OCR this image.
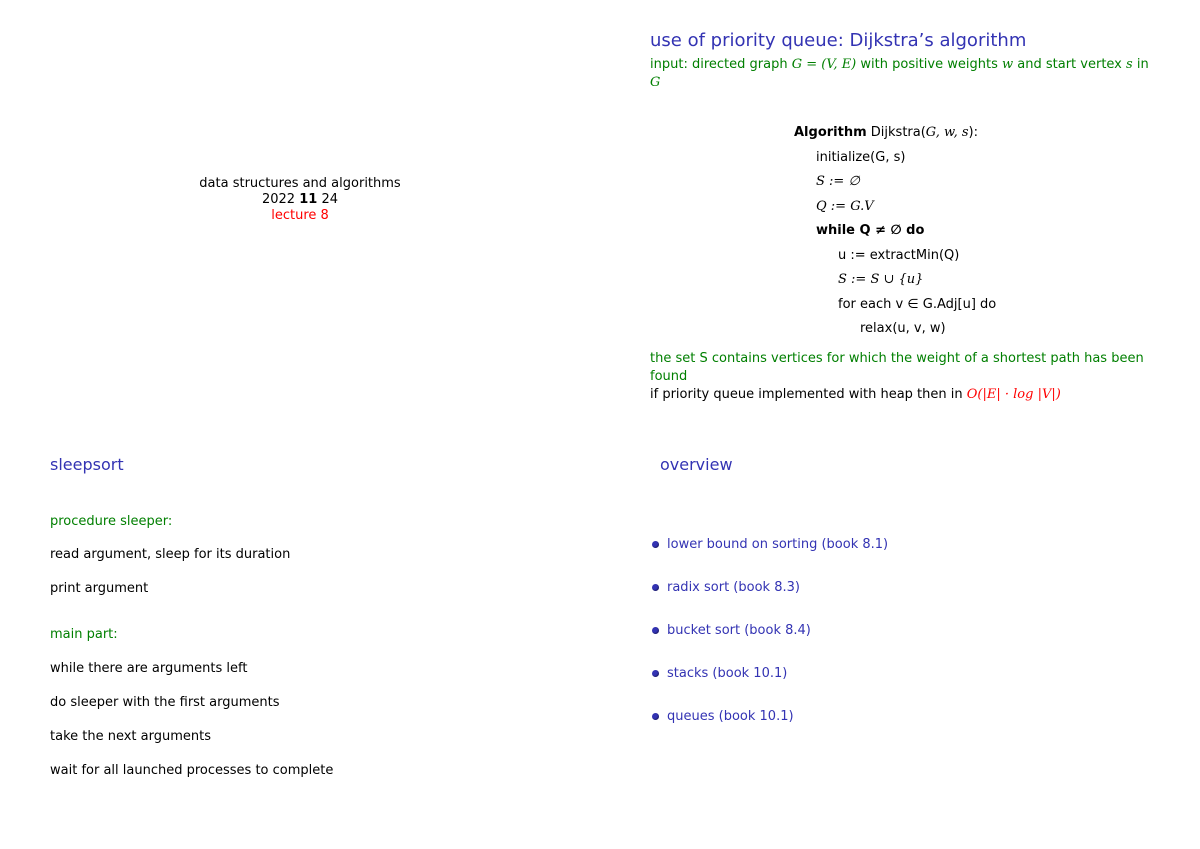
data structures and algorithms
2022 11 24
lecture 8
use of priority queue: Dijkstra’s algorithm
input: directed graph G = (V, E) with positive weights w and start vertex s in G
Algorithm Dijkstra(G, w, s):
initialize(G, s)
S := ∅
Q := G.V
while Q ≠ ∅ do
u := extractMin(Q)
S := S ∪ {u}
for each v ∈ G.Adj[u] do
relax(u, v, w)
the set S contains vertices for which the weight of a shortest path has been found
if priority queue implemented with heap then in O(|E| · log |V|)
sleepsort
procedure sleeper:
read argument, sleep for its duration
print argument
main part:
while there are arguments left
do sleeper with the first arguments
take the next arguments
wait for all launched processes to complete
overview
lower bound on sorting (book 8.1)
radix sort (book 8.3)
bucket sort (book 8.4)
stacks (book 10.1)
queues (book 10.1)
